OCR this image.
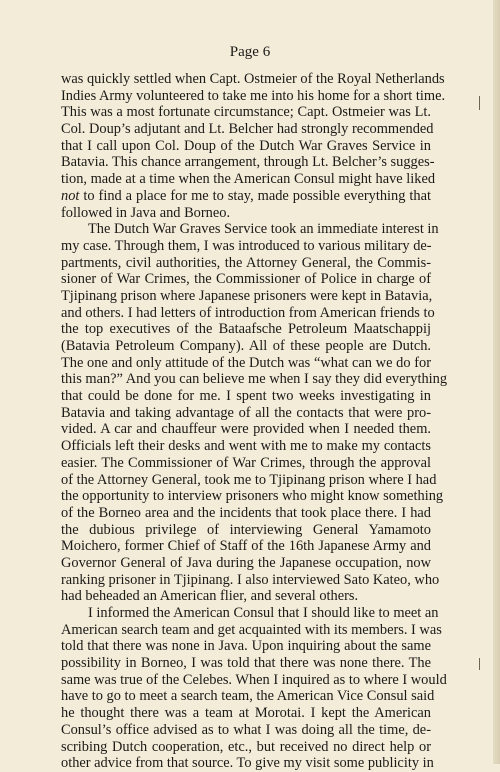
Page 6
was quickly settled when Capt. Ostmeier of the Royal Netherlands
Indies Army volunteered to take me into his home for a short time.
This was a most fortunate circumstance; Capt. Ostmeier was Lt.
Col. Doup’s adjutant and Lt. Belcher had strongly recommended
that I call upon Col. Doup of the Dutch War Graves Service in
Batavia. This chance arrangement, through Lt. Belcher’s sugges-
tion, made at a time when the American Consul might have liked
not to find a place for me to stay, made possible everything that
followed in Java and Borneo.
The Dutch War Graves Service took an immediate interest in
my case. Through them, I was introduced to various military de-
partments, civil authorities, the Attorney General, the Commis-
sioner of War Crimes, the Commissioner of Police in charge of
Tjipinang prison where Japanese prisoners were kept in Batavia,
and others. I had letters of introduction from American friends to
the top executives of the Bataafsche Petroleum Maatschappij
(Batavia Petroleum Company). All of these people are Dutch.
The one and only attitude of the Dutch was “what can we do for
this man?” And you can believe me when I say they did everything
that could be done for me. I spent two weeks investigating in
Batavia and taking advantage of all the contacts that were pro-
vided. A car and chauffeur were provided when I needed them.
Officials left their desks and went with me to make my contacts
easier. The Commissioner of War Crimes, through the approval
of the Attorney General, took me to Tjipinang prison where I had
the opportunity to interview prisoners who might know something
of the Borneo area and the incidents that took place there. I had
the dubious privilege of interviewing General Yamamoto
Moichero, former Chief of Staff of the 16th Japanese Army and
Governor General of Java during the Japanese occupation, now
ranking prisoner in Tjipinang. I also interviewed Sato Kateo, who
had beheaded an American flier, and several others.
I informed the American Consul that I should like to meet an
American search team and get acquainted with its members. I was
told that there was none in Java. Upon inquiring about the same
possibility in Borneo, I was told that there was none there. The
same was true of the Celebes. When I inquired as to where I would
have to go to meet a search team, the American Vice Consul said
he thought there was a team at Morotai. I kept the American
Consul’s office advised as to what I was doing all the time, de-
scribing Dutch cooperation, etc., but received no direct help or
other advice from that source. To give my visit some publicity in
